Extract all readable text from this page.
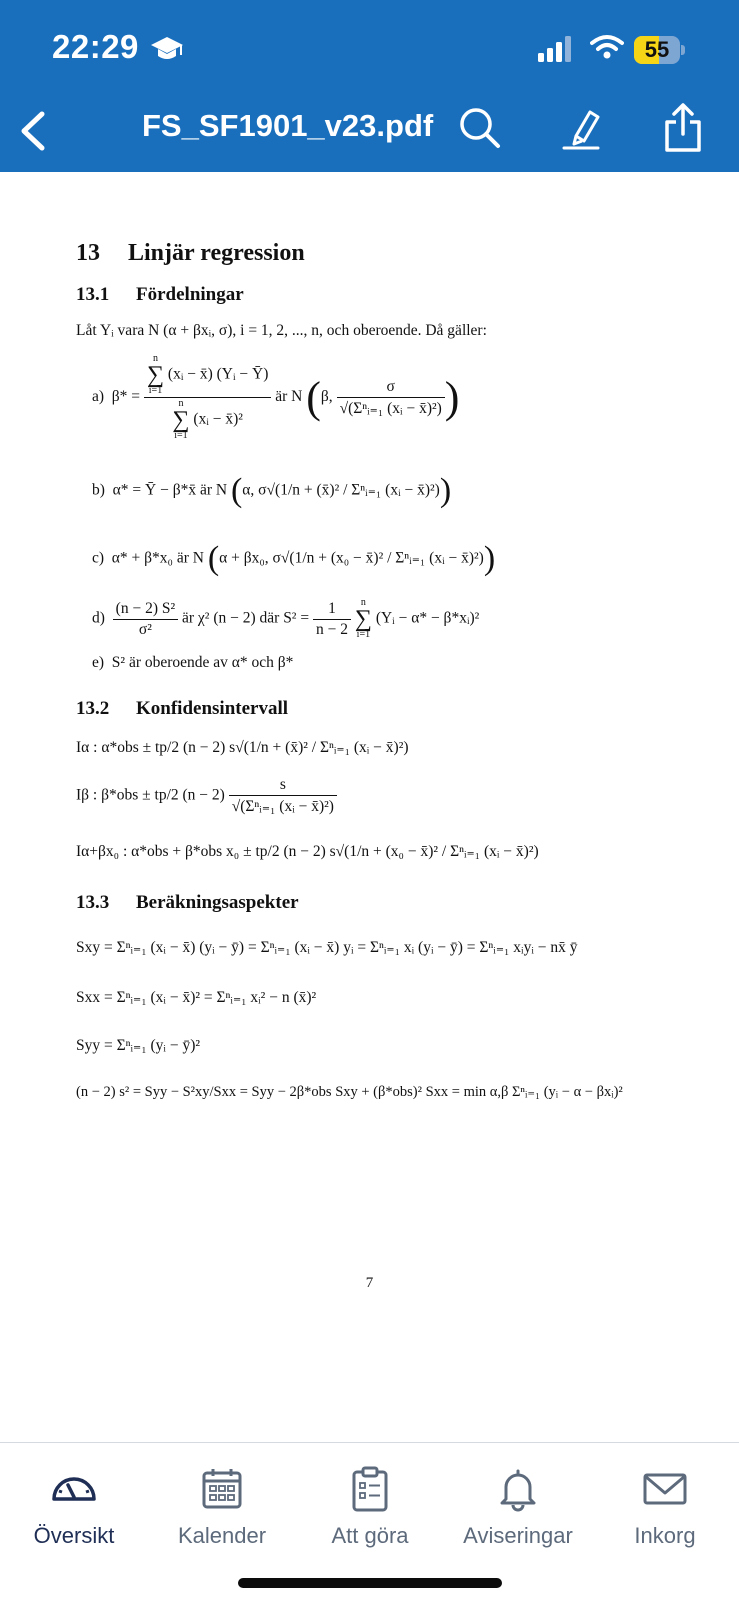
22:29	55
FS_SF1901_v23.pdf
13 Linjär regression
13.1 Fördelningar
Låt Yᵢ vara N (α + βxᵢ, σ), i = 1, 2, ..., n, och oberoende. Då gäller:
a) β* = n
∑
i=1
(xᵢ − x̄) (Yᵢ − Ȳ)
n
∑
i=1
(xᵢ − x̄)² är N (β, $\frac{\sigma}{\text{√(Σⁿᵢ₌₁ (xᵢ − x̄)²)}}$ )
b) α* = Ȳ − β*x̄ är N (α, σ√(1/n + (x̄)² / Σⁿᵢ₌₁ (xᵢ − x̄)²))
c) α* + β*x₀ är N (α + βx₀, σ√(1/n + (x₀ − x̄)² / Σⁿᵢ₌₁ (xᵢ − x̄)²))
$d) \frac{\text{(n − 2) S²}}{\text{σ²}}$ är χ² (n − 2) där $S^2 = \frac{1}{n - 2}$
n
∑
i=1
(Yᵢ − α* − β*xᵢ)²
e) S² är oberoende av α* och β*
13.2 Konfidensintervall
Iα : α*obs ± tp/2 (n − 2) s√(1/n + (x̄)² / Σⁿᵢ₌₁ (xᵢ − x̄)²)
Iβ : β*obs ± tp/2 $(n - 2) \frac{s}{\text{√(Σⁿᵢ₌₁ (xᵢ − x̄)²)}}$
Iα+βx₀ : α*obs + β*obs x₀ ± tp/2 (n − 2) s√(1/n + (x₀ − x̄)² / Σⁿᵢ₌₁ (xᵢ − x̄)²)
13.3 Beräkningsaspekter
Sxy = Σⁿᵢ₌₁ (xᵢ − x̄) (yᵢ − ȳ) = Σⁿᵢ₌₁ (xᵢ − x̄) yᵢ = Σⁿᵢ₌₁ xᵢ (yᵢ − ȳ) = Σⁿᵢ₌₁ xᵢyᵢ − nx̄ ȳ
Sxx = Σⁿᵢ₌₁ (xᵢ − x̄)² = Σⁿᵢ₌₁ xᵢ² − n (x̄)²
Syy = Σⁿᵢ₌₁ (yᵢ − ȳ)²
(n − 2) s² = Syy − S²xy/Sxx = Syy − 2β*obs Sxy + (β*obs)² Sxx = min α,β Σⁿᵢ₌₁ (yᵢ − α − βxᵢ)²
7
Översikt	Kalender	Att göra	Aviseringar	Inkorg
